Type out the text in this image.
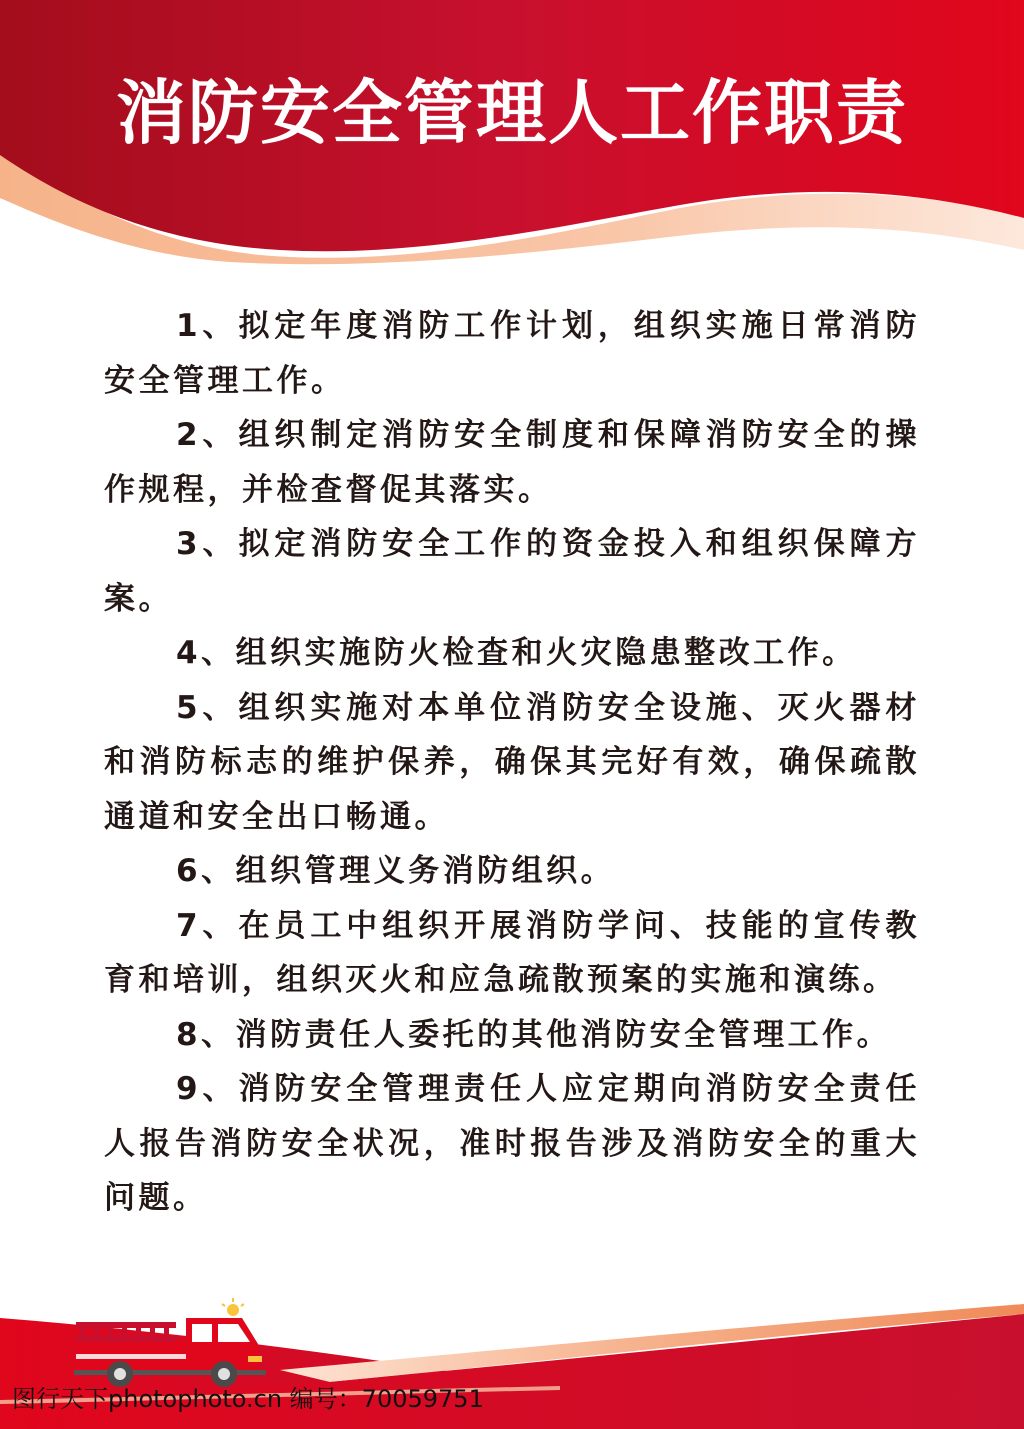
消防安全管理人工作职责

1、拟定年度消防工作计划，组织实施日常消防安全管理工作。

2、组织制定消防安全制度和保障消防安全的操作规程，并检查督促其落实。

3、拟定消防安全工作的资金投入和组织保障方案。

4、组织实施防火检查和火灾隐患整改工作。

5、组织实施对本单位消防安全设施、灭火器材和消防标志的维护保养，确保其完好有效，确保疏散通道和安全出口畅通。

6、组织管理义务消防组织。

7、在员工中组织开展消防学问、技能的宣传教育和培训，组织灭火和应急疏散预案的实施和演练。

8、消防责任人委托的其他消防安全管理工作。

9、消防安全管理责任人应定期向消防安全责任人报告消防安全状况，准时报告涉及消防安全的重大问题。

图行天下photophoto.cn 编号：70059751
